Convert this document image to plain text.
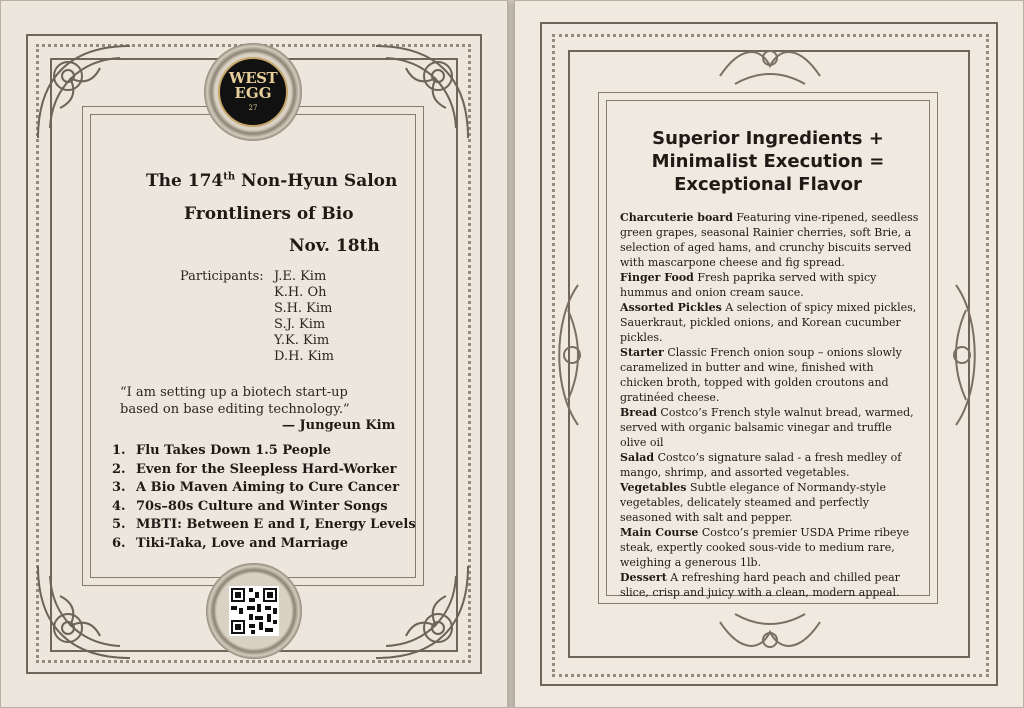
WEST
EGG
27
The 174th Non-Hyun Salon
Frontliners of Bio
Nov. 18th
Participants: J.E. Kim
K.H. Oh
S.H. Kim
S.J. Kim
Y.K. Kim
D.H. Kim
“I am setting up a biotech start-up based on base editing technology.”
— Jungeun Kim
1. Flu Takes Down 1.5 People
2. Even for the Sleepless Hard-Worker
3. A Bio Maven Aiming to Cure Cancer
4. 70s–80s Culture and Winter Songs
5. MBTI: Between E and I, Energy Levels
6. Tiki-Taka, Love and Marriage
Superior Ingredients +
Minimalist Execution =
Exceptional Flavor

Charcuterie board Featuring vine-ripened, seedless green grapes, seasonal Rainier cherries, soft Brie, a selection of aged hams, and crunchy biscuits served with mascarpone cheese and fig spread.

Finger Food Fresh paprika served with spicy hummus and onion cream sauce.

Assorted Pickles A selection of spicy mixed pickles, Sauerkraut, pickled onions, and Korean cucumber pickles.

Starter Classic French onion soup – onions slowly caramelized in butter and wine, finished with chicken broth, topped with golden croutons and gratinéed cheese.

Bread Costco’s French style walnut bread, warmed, served with organic balsamic vinegar and truffle olive oil

Salad Costco’s signature salad - a fresh medley of mango, shrimp, and assorted vegetables.

Vegetables Subtle elegance of Normandy-style vegetables, delicately steamed and perfectly seasoned with salt and pepper.

Main Course Costco’s premier USDA Prime ribeye steak, expertly cooked sous-vide to medium rare, weighing a generous 1lb.

Dessert A refreshing hard peach and chilled pear slice, crisp and juicy with a clean, modern appeal.
